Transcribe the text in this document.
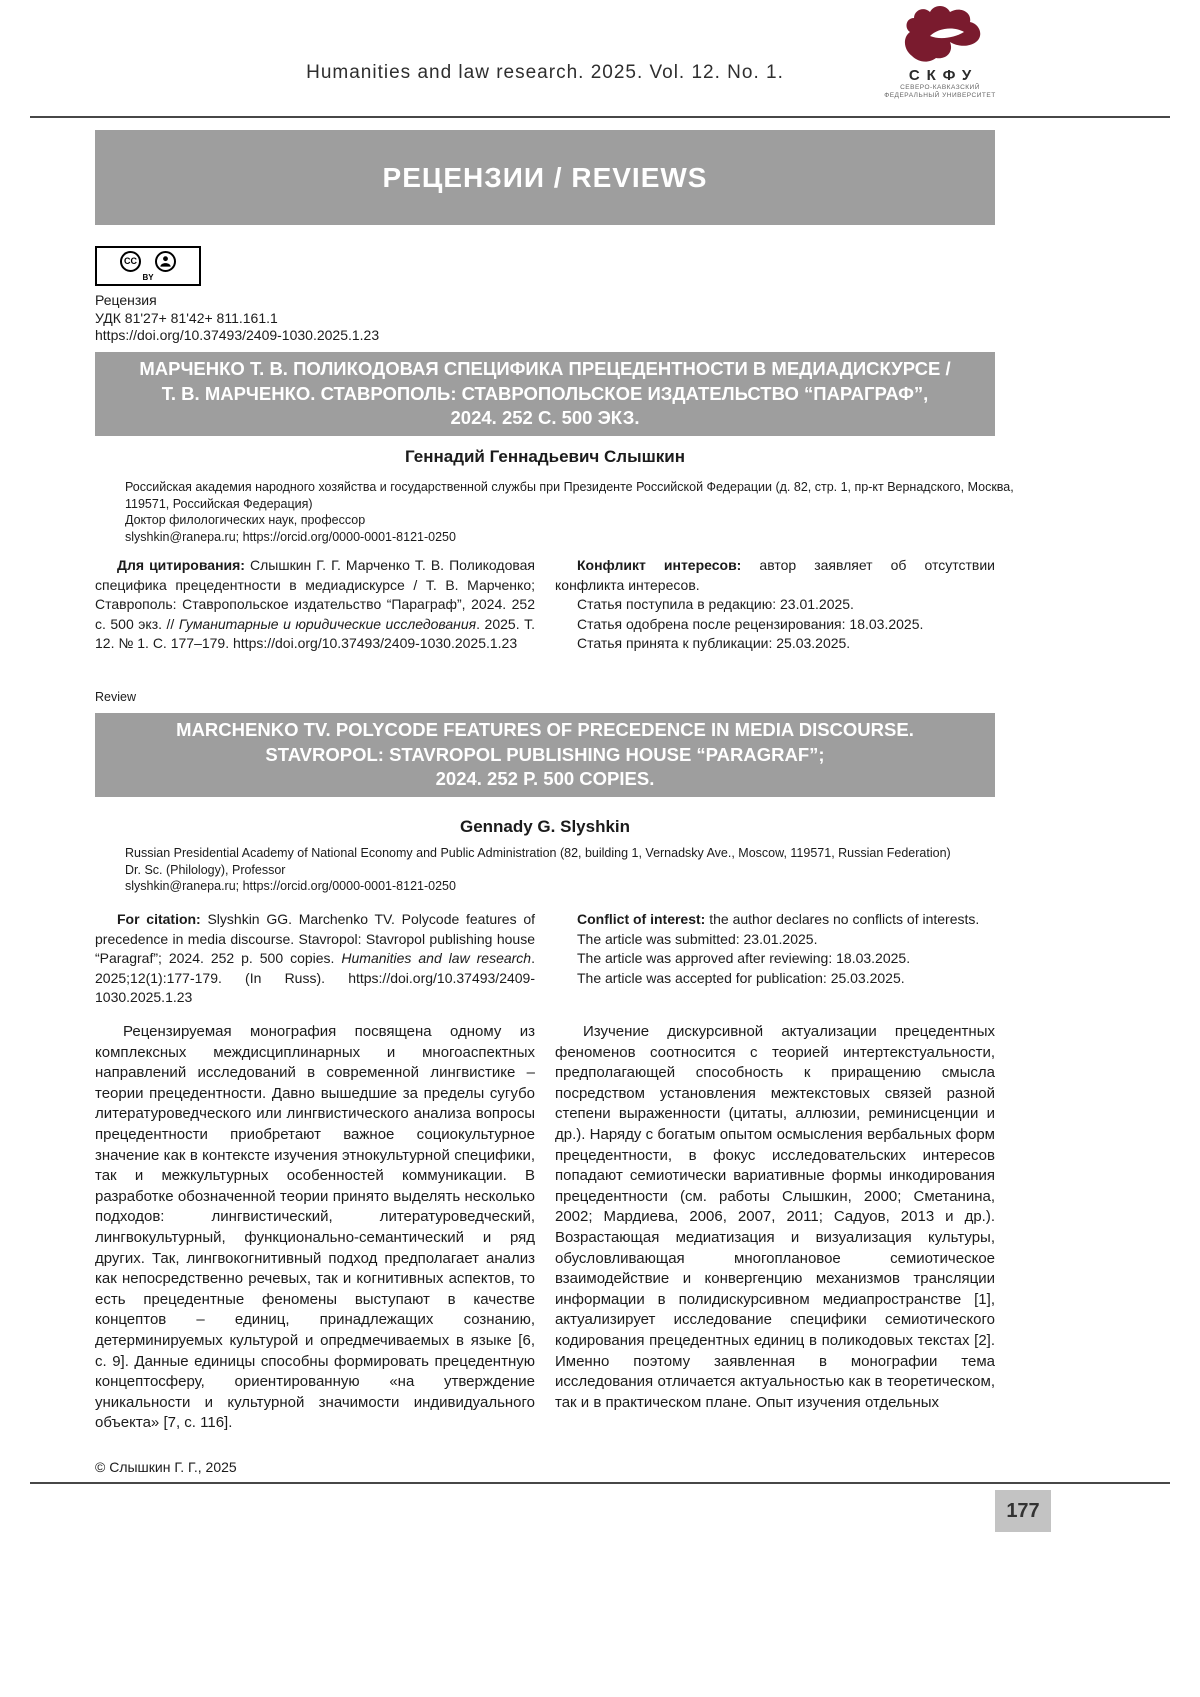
Humanities and law research. 2025. Vol. 12. No. 1.	СКФУ
СЕВЕРО-КАВКАЗСКИЙ
ФЕДЕРАЛЬНЫЙ УНИВЕРСИТЕТ
РЕЦЕНЗИИ / REVIEWS
CC
BY
Рецензия
УДК 81'27+ 81'42+ 811.161.1
https://doi.org/10.37493/2409-1030.2025.1.23
МАРЧЕНКО Т. В. ПОЛИКОДОВАЯ СПЕЦИФИКА ПРЕЦЕДЕНТНОСТИ В МЕДИАДИСКУРСЕ /
Т. В. МАРЧЕНКО. СТАВРОПОЛЬ: СТАВРОПОЛЬСКОЕ ИЗДАТЕЛЬСТВО “ПАРАГРАФ”,
2024. 252 С. 500 ЭКЗ.
Геннадий Геннадьевич Слышкин
Российская академия народного хозяйства и государственной службы при Президенте Российской Федерации (д. 82, стр. 1, пр-кт Вернадского, Москва, 119571, Российская Федерация)
Доктор филологических наук, профессор
slyshkin@ranepa.ru; https://orcid.org/0000-0001-8121-0250

Для цитирования: Слышкин Г. Г. Марченко Т. В. Поликодовая специфика прецедентности в медиадискурсе / Т. В. Марченко; Ставрополь: Ставропольское издательство “Параграф”, 2024. 252 с. 500 экз. // Гуманитарные и юридические исследования. 2025. Т. 12. № 1. С. 177–179. https://doi.org/10.37493/2409-1030.2025.1.23

Конфликт интересов: автор заявляет об отсутствии конфликта интересов.

Статья поступила в редакцию: 23.01.2025.

Статья одобрена после рецензирования: 18.03.2025.

Статья принята к публикации: 25.03.2025.

Review
MARCHENKO TV. POLYCODE FEATURES OF PRECEDENCE IN MEDIA DISCOURSE.
STAVROPOL: STAVROPOL PUBLISHING HOUSE “PARAGRAF”;
2024. 252 P. 500 COPIES.
Gennady G. Slyshkin
Russian Presidential Academy of National Economy and Public Administration (82, building 1, Vernadsky Ave., Moscow, 119571, Russian Federation)
Dr. Sc. (Philology), Professor
slyshkin@ranepa.ru; https://orcid.org/0000-0001-8121-0250

For citation: Slyshkin GG. Marchenko TV. Polycode features of precedence in media discourse. Stavropol: Stavropol publishing house “Paragraf”; 2024. 252 p. 500 copies. Humanities and law research. 2025;12(1):177-179. (In Russ). https://doi.org/10.37493/2409-1030.2025.1.23

Conflict of interest: the author declares no conflicts of interests.

The article was submitted: 23.01.2025.

The article was approved after reviewing: 18.03.2025.

The article was accepted for publication: 25.03.2025.

Рецензируемая монография посвящена одному из комплексных междисциплинарных и многоаспектных направлений исследований в современной лингвистике – теории прецедентности. Давно вышедшие за пределы сугубо литературоведческого или лингвистического анализа вопросы прецедентности приобретают важное социокультурное значение как в контексте изучения этнокультурной специфики, так и межкультурных особенностей коммуникации. В разработке обозначенной теории принято выделять несколько подходов: лингвистический, литературоведческий, лингвокультурный, функционально-семантический и ряд других. Так, лингвокогнитивный подход предполагает анализ как непосредственно речевых, так и когнитивных аспектов, то есть прецедентные феномены выступают в качестве концептов – единиц, принадлежащих сознанию, детерминируемых культурой и опредмечиваемых в языке [6, с. 9]. Данные единицы способны формировать прецедентную концептосферу, ориентированную «на утверждение уникальности и культурной значимости индивидуального объекта» [7, с. 116].

Изучение дискурсивной актуализации прецедентных феноменов соотносится с теорией интертекстуальности, предполагающей способность к приращению смысла посредством установления межтекстовых связей разной степени выраженности (цитаты, аллюзии, реминисценции и др.). Наряду с богатым опытом осмысления вербальных форм прецедентности, в фокус исследовательских интересов попадают семиотически вариативные формы инкодирования прецедентности (см. работы Слышкин, 2000; Сметанина, 2002; Мардиева, 2006, 2007, 2011; Садуов, 2013 и др.). Возрастающая медиатизация и визуализация культуры, обусловливающая многоплановое семиотическое взаимодействие и конвергенцию механизмов трансляции информации в полидискурсивном медиапространстве [1], актуализирует исследование специфики семиотического кодирования прецедентных единиц в поликодовых текстах [2]. Именно поэтому заявленная в монографии тема исследования отличается актуальностью как в теоретическом, так и в практическом плане. Опыт изучения отдельных

© Слышкин Г. Г., 2025
177
